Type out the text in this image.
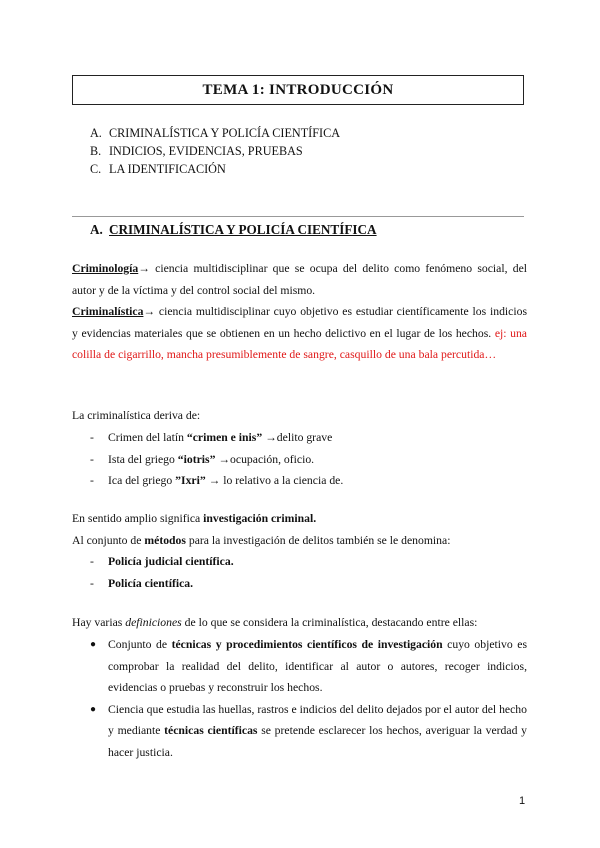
TEMA 1: INTRODUCCIÓN
A. CRIMINALÍSTICA Y POLICÍA CIENTÍFICA
B. INDICIOS, EVIDENCIAS, PRUEBAS
C. LA IDENTIFICACIÓN
A. CRIMINALÍSTICA Y POLICÍA CIENTÍFICA
Criminología→ ciencia multidisciplinar que se ocupa del delito como fenómeno social, del autor y de la víctima y del control social del mismo.
Criminalística→ ciencia multidisciplinar cuyo objetivo es estudiar científicamente los indicios y evidencias materiales que se obtienen en un hecho delictivo en el lugar de los hechos. ej: una colilla de cigarrillo, mancha presumiblemente de sangre, casquillo de una bala percutida…
La criminalística deriva de:
-	Crimen del latín “crimen e inis” →delito grave
-	Ista del griego “iotris” →ocupación, oficio.
-	Ica del griego ”Ixri” → lo relativo a la ciencia de.
En sentido amplio significa investigación criminal.
Al conjunto de métodos para la investigación de delitos también se le denomina:
-	Policía judicial científica.
-	Policía científica.
Hay varias definiciones de lo que se considera la criminalística, destacando entre ellas:
●	Conjunto de técnicas y procedimientos científicos de investigación cuyo objetivo es comprobar la realidad del delito, identificar al autor o autores, recoger indicios, evidencias o pruebas y reconstruir los hechos.
●	Ciencia que estudia las huellas, rastros e indicios del delito dejados por el autor del hecho y mediante técnicas científicas se pretende esclarecer los hechos, averiguar la verdad y hacer justicia.
1
